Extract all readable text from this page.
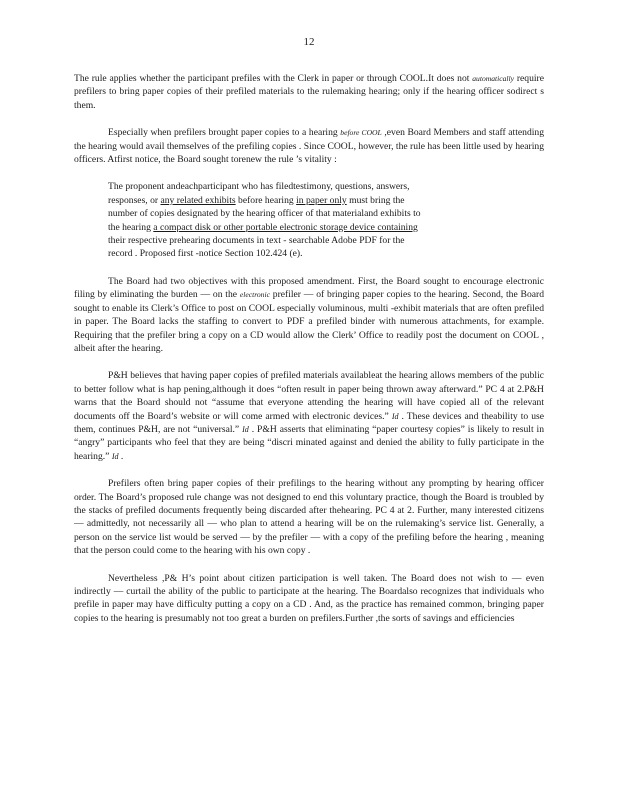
12

The rule applies whether the participant prefiles with the Clerk in paper or through COOL.It does not automatically require prefilers to bring paper copies of their prefiled materials to the rulemaking hearing; only if the hearing officer sodirect s them.

Especially when prefilers brought paper copies to a hearing before COOL ,even Board Members and staff attending the hearing would avail themselves of the prefiling copies . Since COOL, however, the rule has been little used by hearing officers. Atfirst notice, the Board sought torenew the rule ’s vitality :

The proponent andeachparticipant who has filedtestimony, questions, answers,
responses, or any related exhibits before hearing in paper only must bring the
number of copies designated by the hearing officer of that materialand exhibits to
the hearing a compact disk or other portable electronic storage device containing
their respective prehearing documents in text - searchable Adobe PDF for the
record . Proposed first -notice Section 102.424 (e).

The Board had two objectives with this proposed amendment. First, the Board sought to encourage electronic filing by eliminating the burden — on the electronic prefiler — of bringing paper copies to the hearing. Second, the Board sought to enable its Clerk’s Office to post on COOL especially voluminous, multi -exhibit materials that are often prefiled in paper. The Board lacks the staffing to convert to PDF a prefiled binder with numerous attachments, for example. Requiring that the prefiler bring a copy on a CD would allow the Clerk’ Office to readily post the document on COOL , albeit after the hearing.

P&H believes that having paper copies of prefiled materials availableat the hearing allows members of the public to better follow what is hap pening,although it does “often result in paper being thrown away afterward.” PC 4 at 2.P&H warns that the Board should not “assume that everyone attending the hearing will have copied all of the relevant documents off the Board’s website or will come armed with electronic devices.” Id . These devices and theability to use them, continues P&H, are not “universal.” Id . P&H asserts that eliminating “paper courtesy copies” is likely to result in “angry” participants who feel that they are being “discri minated against and denied the ability to fully participate in the hearing.” Id .

Prefilers often bring paper copies of their prefilings to the hearing without any prompting by hearing officer order. The Board’s proposed rule change was not designed to end this voluntary practice, though the Board is troubled by the stacks of prefiled documents frequently being discarded after thehearing. PC 4 at 2. Further, many interested citizens — admittedly, not necessarily all — who plan to attend a hearing will be on the rulemaking’s service list. Generally, a person on the service list would be served — by the prefiler — with a copy of the prefiling before the hearing , meaning that the person could come to the hearing with his own copy .

Nevertheless ,P& H’s point about citizen participation is well taken. The Board does not wish to — even indirectly — curtail the ability of the public to participate at the hearing. The Boardalso recognizes that individuals who prefile in paper may have difficulty putting a copy on a CD . And, as the practice has remained common, bringing paper copies to the hearing is presumably not too great a burden on prefilers.Further ,the sorts of savings and efficiencies
